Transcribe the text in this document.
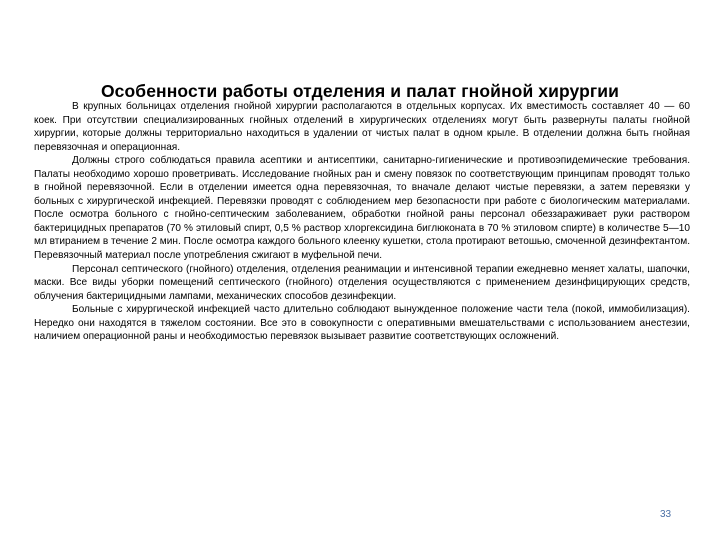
Особенности работы отделения и палат гнойной хирургии

В крупных больницах отделения гнойной хирургии располагаются в отдельных корпусах. Их вместимость составляет 40 — 60 коек. При отсутствии специализированных гнойных отделений в хирургических отделениях могут быть развернуты палаты гнойной хирургии, которые должны территориально находиться в удалении от чистых палат в одном крыле. В отделении должна быть гнойная перевязочная и операционная.

Должны строго соблюдаться правила асептики и антисептики, санитарно-гигиенические и противоэпидемические требования. Палаты необходимо хорошо проветривать. Исследование гнойных ран и смену повязок по соответствующим принципам проводят только в гнойной перевязочной. Если в отделении имеется одна перевязочная, то вначале делают чистые перевязки, а затем перевязки у больных с хирургической инфекцией. Перевязки проводят с соблюдением мер безопасности при работе с биологическим материалами. После осмотра больного с гнойно-септическим заболеванием, обработки гнойной раны персонал обеззараживает руки раствором бактерицидных препаратов (70 % этиловый спирт, 0,5 % раствор хлоргексидина биглюконата в 70 % этиловом спирте) в количестве 5—10 мл втиранием в течение 2 мин. После осмотра каждого больного клеенку кушетки, стола протирают ветошью, смоченной дезинфектантом. Перевязочный материал после употребления сжигают в муфельной печи.

Персонал септического (гнойного) отделения, отделения реанимации и интенсивной терапии ежедневно меняет халаты, шапочки, маски. Все виды уборки помещений септического (гнойного) отделения осуществляются с применением дезинфицирующих средств, облучения бактерицидными лампами, механических способов дезинфекции.

Больные с хирургической инфекцией часто длительно соблюдают вынужденное положение части тела (покой, иммобилизация). Нередко они находятся в тяжелом состоянии. Все это в совокупности с оперативными вмешательствами с использованием анестезии, наличием операционной раны и необходимостью перевязок вызывает развитие соответствующих осложнений.

33
